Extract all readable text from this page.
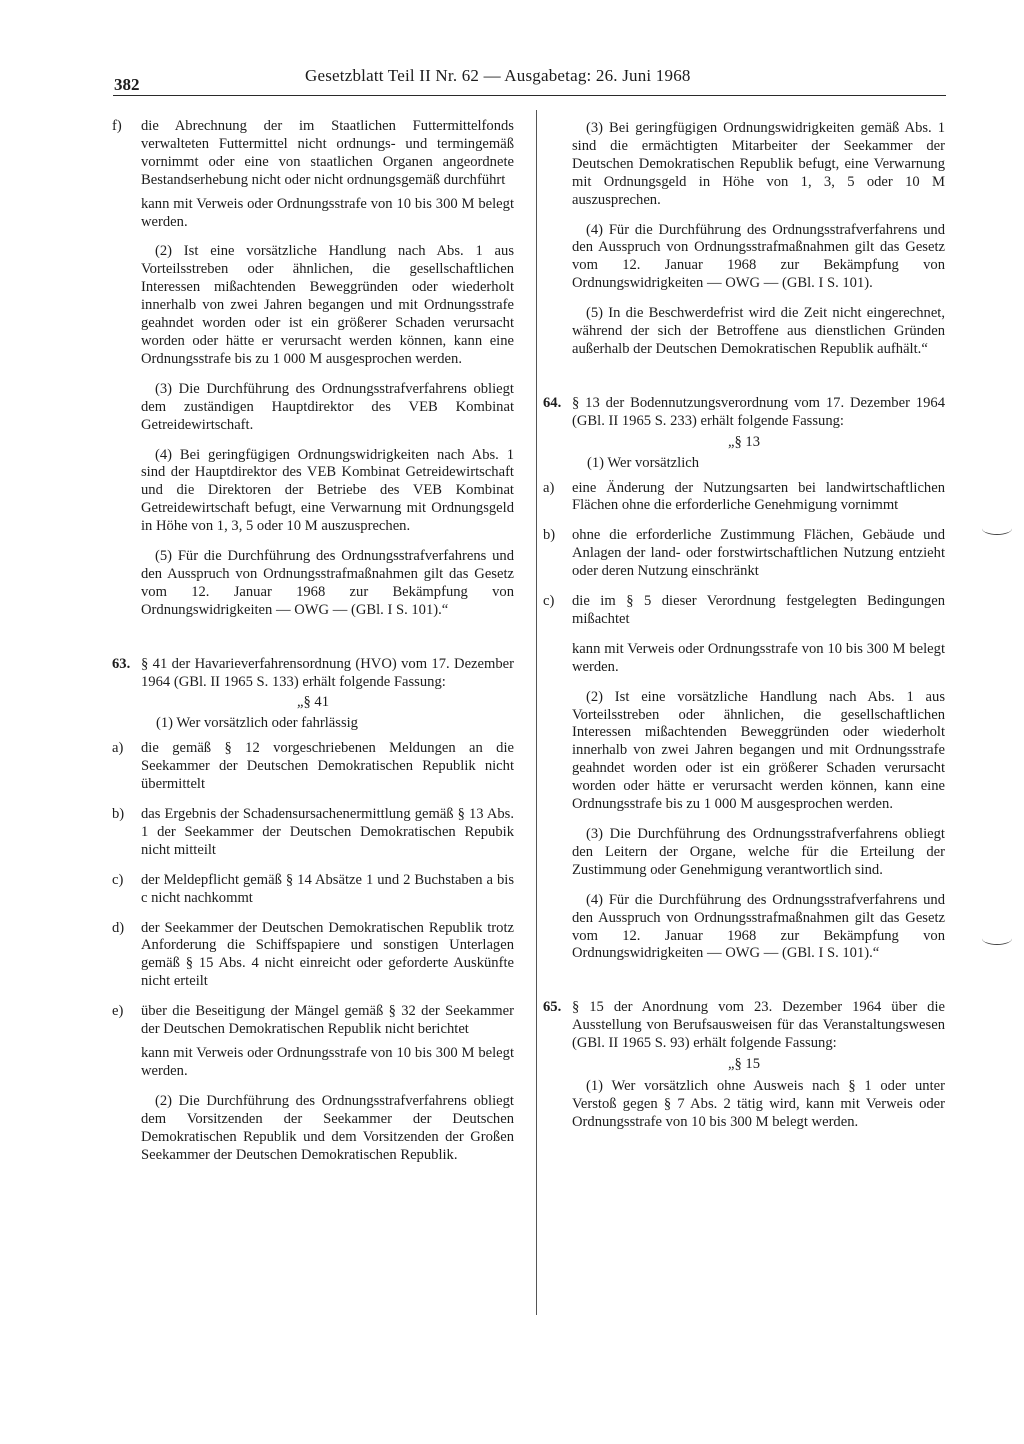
382	Gesetzblatt Teil II Nr. 62 — Ausgabetag: 26. Juni 1968

f) die Abrechnung der im Staatlichen Futtermittelfonds verwalteten Futtermittel nicht ordnungs- und termingemäß vornimmt oder eine von staatlichen Organen angeordnete Bestandserhebung nicht oder nicht ordnungsgemäß durchführt

kann mit Verweis oder Ordnungsstrafe von 10 bis 300 M belegt werden.

(2) Ist eine vorsätzliche Handlung nach Abs. 1 aus Vorteilsstreben oder ähnlichen, die gesellschaftlichen Interessen mißachtenden Beweggründen oder wiederholt innerhalb von zwei Jahren begangen und mit Ordnungsstrafe geahndet worden oder ist ein größerer Schaden verursacht worden oder hätte er verursacht werden können, kann eine Ordnungsstrafe bis zu 1 000 M ausgesprochen werden.

(3) Die Durchführung des Ordnungsstrafverfahrens obliegt dem zuständigen Hauptdirektor des VEB Kombinat Getreidewirtschaft.

(4) Bei geringfügigen Ordnungswidrigkeiten nach Abs. 1 sind der Hauptdirektor des VEB Kombinat Getreidewirtschaft und die Direktoren der Betriebe des VEB Kombinat Getreidewirtschaft befugt, eine Verwarnung mit Ordnungsgeld in Höhe von 1, 3, 5 oder 10 M auszusprechen.

(5) Für die Durchführung des Ordnungsstrafverfahrens und den Ausspruch von Ordnungsstrafmaßnahmen gilt das Gesetz vom 12. Januar 1968 zur Bekämpfung von Ordnungswidrigkeiten — OWG — (GBl. I S. 101).“

63. § 41 der Havarieverfahrensordnung (HVO) vom 17. Dezember 1964 (GBl. II 1965 S. 133) erhält folgende Fassung:

„§ 41

(1) Wer vorsätzlich oder fahrlässig

a) die gemäß § 12 vorgeschriebenen Meldungen an die Seekammer der Deutschen Demokratischen Republik nicht übermittelt

b) das Ergebnis der Schadensursachenermittlung gemäß § 13 Abs. 1 der Seekammer der Deutschen Demokratischen Repubik nicht mitteilt

c) der Meldepflicht gemäß § 14 Absätze 1 und 2 Buchstaben a bis c nicht nachkommt

d) der Seekammer der Deutschen Demokratischen Republik trotz Anforderung die Schiffspapiere und sonstigen Unterlagen gemäß § 15 Abs. 4 nicht einreicht oder geforderte Auskünfte nicht erteilt

e) über die Beseitigung der Mängel gemäß § 32 der Seekammer der Deutschen Demokratischen Republik nicht berichtet

kann mit Verweis oder Ordnungsstrafe von 10 bis 300 M belegt werden.

(2) Die Durchführung des Ordnungsstrafverfahrens obliegt dem Vorsitzenden der Seekammer der Deutschen Demokratischen Republik und dem Vorsitzenden der Großen Seekammer der Deutschen Demokratischen Republik.

(3) Bei geringfügigen Ordnungswidrigkeiten gemäß Abs. 1 sind die ermächtigten Mitarbeiter der Seekammer der Deutschen Demokratischen Republik befugt, eine Verwarnung mit Ordnungsgeld in Höhe von 1, 3, 5 oder 10 M auszusprechen.

(4) Für die Durchführung des Ordnungsstrafverfahrens und den Ausspruch von Ordnungsstrafmaßnahmen gilt das Gesetz vom 12. Januar 1968 zur Bekämpfung von Ordnungswidrigkeiten — OWG — (GBl. I S. 101).

(5) In die Beschwerdefrist wird die Zeit nicht eingerechnet, während der sich der Betroffene aus dienstlichen Gründen außerhalb der Deutschen Demokratischen Republik aufhält.“

64. § 13 der Bodennutzungsverordnung vom 17. Dezember 1964 (GBl. II 1965 S. 233) erhält folgende Fassung:

„§ 13

(1) Wer vorsätzlich

a) eine Änderung der Nutzungsarten bei landwirtschaftlichen Flächen ohne die erforderliche Genehmigung vornimmt

b) ohne die erforderliche Zustimmung Flächen, Gebäude und Anlagen der land- oder forstwirtschaftlichen Nutzung entzieht oder deren Nutzung einschränkt

c) die im § 5 dieser Verordnung festgelegten Bedingungen mißachtet

kann mit Verweis oder Ordnungsstrafe von 10 bis 300 M belegt werden.

(2) Ist eine vorsätzliche Handlung nach Abs. 1 aus Vorteilsstreben oder ähnlichen, die gesellschaftlichen Interessen mißachtenden Beweggründen oder wiederholt innerhalb von zwei Jahren begangen und mit Ordnungsstrafe geahndet worden oder ist ein größerer Schaden verursacht worden oder hätte er verursacht werden können, kann eine Ordnungsstrafe bis zu 1 000 M ausgesprochen werden.

(3) Die Durchführung des Ordnungsstrafverfahrens obliegt den Leitern der Organe, welche für die Erteilung der Zustimmung oder Genehmigung verantwortlich sind.

(4) Für die Durchführung des Ordnungsstrafverfahrens und den Ausspruch von Ordnungsstrafmaßnahmen gilt das Gesetz vom 12. Januar 1968 zur Bekämpfung von Ordnungswidrigkeiten — OWG — (GBl. I S. 101).“

65. § 15 der Anordnung vom 23. Dezember 1964 über die Ausstellung von Berufsausweisen für das Veranstaltungswesen (GBl. II 1965 S. 93) erhält folgende Fassung:

„§ 15

(1) Wer vorsätzlich ohne Ausweis nach § 1 oder unter Verstoß gegen § 7 Abs. 2 tätig wird, kann mit Verweis oder Ordnungsstrafe von 10 bis 300 M belegt werden.
